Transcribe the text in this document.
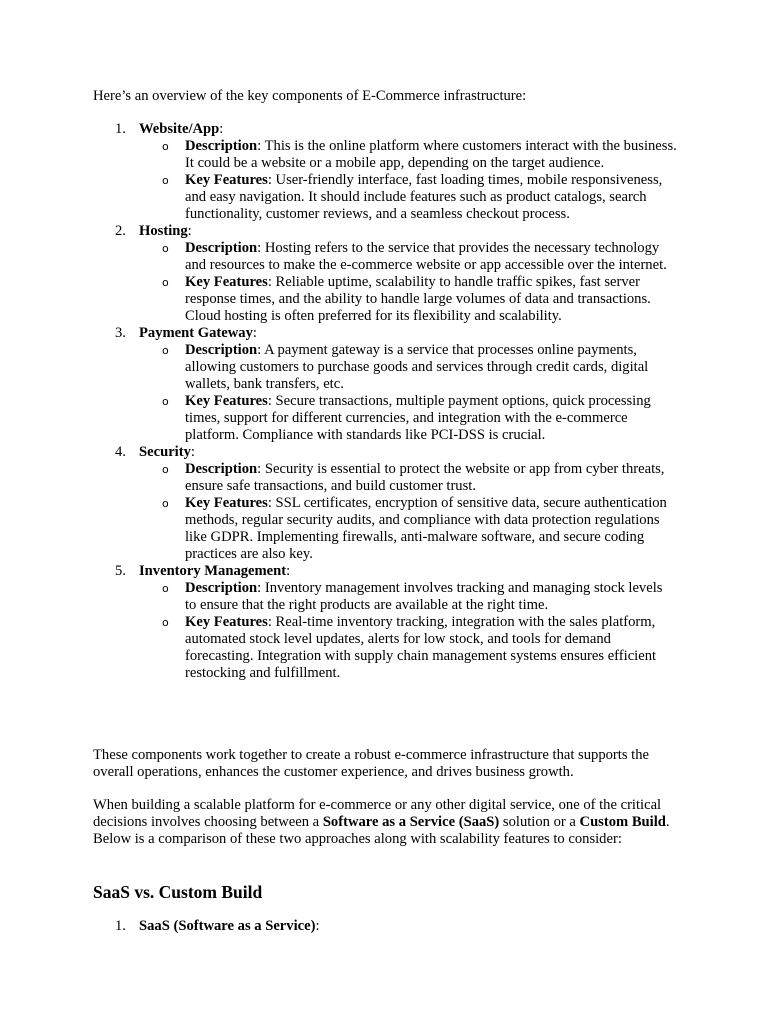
Here’s an overview of the key components of E-Commerce infrastructure:

1. Website/App:
o Description: This is the online platform where customers interact with the business. It could be a website or a mobile app, depending on the target audience.
o Key Features: User-friendly interface, fast loading times, mobile responsiveness, and easy navigation. It should include features such as product catalogs, search functionality, customer reviews, and a seamless checkout process.
2. Hosting:
o Description: Hosting refers to the service that provides the necessary technology and resources to make the e-commerce website or app accessible over the internet.
o Key Features: Reliable uptime, scalability to handle traffic spikes, fast server response times, and the ability to handle large volumes of data and transactions. Cloud hosting is often preferred for its flexibility and scalability.
3. Payment Gateway:
o Description: A payment gateway is a service that processes online payments, allowing customers to purchase goods and services through credit cards, digital wallets, bank transfers, etc.
o Key Features: Secure transactions, multiple payment options, quick processing times, support for different currencies, and integration with the e-commerce platform. Compliance with standards like PCI-DSS is crucial.
4. Security:
o Description: Security is essential to protect the website or app from cyber threats, ensure safe transactions, and build customer trust.
o Key Features: SSL certificates, encryption of sensitive data, secure authentication methods, regular security audits, and compliance with data protection regulations like GDPR. Implementing firewalls, anti-malware software, and secure coding practices are also key.
5. Inventory Management:
o Description: Inventory management involves tracking and managing stock levels to ensure that the right products are available at the right time.
o Key Features: Real-time inventory tracking, integration with the sales platform, automated stock level updates, alerts for low stock, and tools for demand forecasting. Integration with supply chain management systems ensures efficient restocking and fulfillment.

These components work together to create a robust e-commerce infrastructure that supports the overall operations, enhances the customer experience, and drives business growth.

When building a scalable platform for e-commerce or any other digital service, one of the critical decisions involves choosing between a Software as a Service (SaaS) solution or a Custom Build. Below is a comparison of these two approaches along with scalability features to consider:

SaaS vs. Custom Build
1. SaaS (Software as a Service):
